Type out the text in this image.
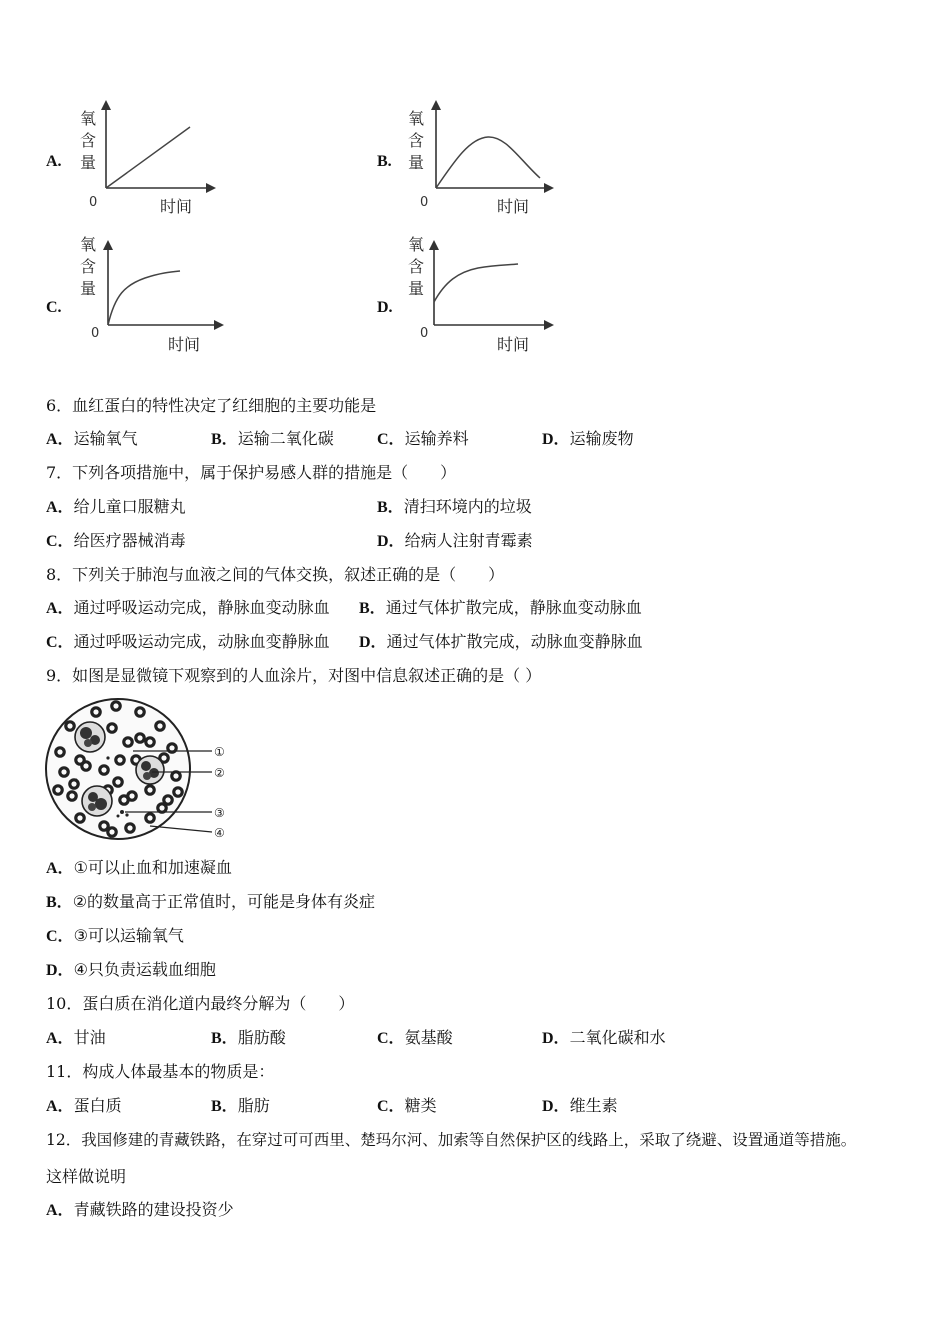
A.
氧
含
量
0	时间
B.
氧
含
量
0	时间
C.
氧
含
量
0
时间
D.
氧
含
量
0
时间
6．血红蛋白的特性决定了红细胞的主要功能是
A．运输氧气	B．运输二氧化碳	C．运输养料	D．运输废物
7．下列各项措施中，属于保护易感人群的措施是（　　）
A．给儿童口服糖丸	B．清扫环境内的垃圾
C．给医疗器械消毒	D．给病人注射青霉素
8．下列关于肺泡与血液之间的气体交换，叙述正确的是（　　）
A．通过呼吸运动完成，静脉血变动脉血 B．通过气体扩散完成，静脉血变动脉血
C．通过呼吸运动完成，动脉血变静脉血 D．通过气体扩散完成，动脉血变静脉血
9．如图是显微镜下观察到的人血涂片，对图中信息叙述正确的是（ ）
①
②
③
④
A．①可以止血和加速凝血
B．②的数量高于正常值时，可能是身体有炎症
C．③可以运输氧气
D．④只负责运载血细胞
10．蛋白质在消化道内最终分解为（　　）
A．甘油	B．脂肪酸	C．氨基酸	D．二氧化碳和水
11．构成人体最基本的物质是：
A．蛋白质	B．脂肪	C．糖类	D．维生素
12．我国修建的青藏铁路，在穿过可可西里、楚玛尔河、加索等自然保护区的线路上，采取了绕避、设置通道等措施。
这样做说明
A．青藏铁路的建设投资少
